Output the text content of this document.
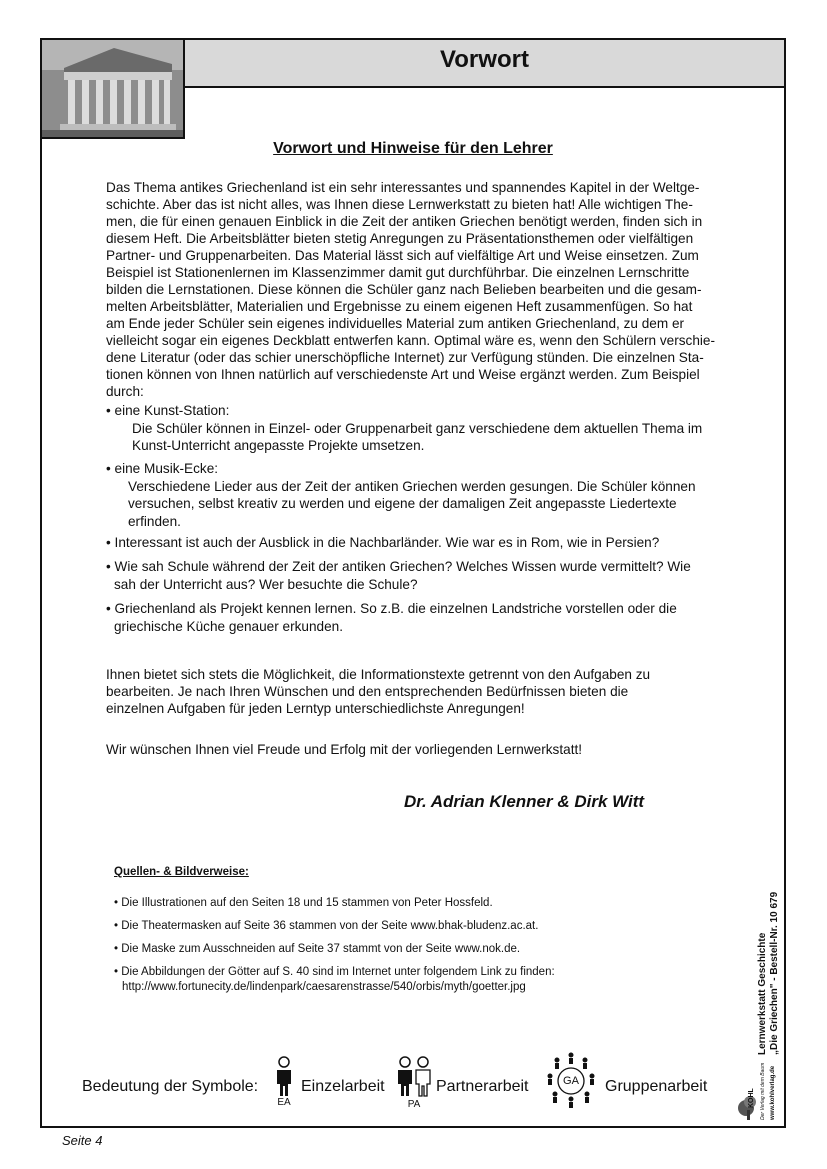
Vorwort
Vorwort und Hinweise für den Lehrer

Das Thema antikes Griechenland ist ein sehr interessantes und spannendes Kapitel in der Weltge-
schichte. Aber das ist nicht alles, was Ihnen diese Lernwerkstatt zu bieten hat! Alle wichtigen The-
men, die für einen genauen Einblick in die Zeit der antiken Griechen benötigt werden, finden sich in
diesem Heft. Die Arbeitsblätter bieten stetig Anregungen zu Präsentationsthemen oder vielfältigen
Partner- und Gruppenarbeiten. Das Material lässt sich auf vielfältige Art und Weise einsetzen. Zum
Beispiel ist Stationenlernen im Klassenzimmer damit gut durchführbar. Die einzelnen Lernschritte
bilden die Lernstationen. Diese können die Schüler ganz nach Belieben bearbeiten und die gesam-
melten Arbeitsblätter, Materialien und Ergebnisse zu einem eigenen Heft zusammenfügen. So hat
am Ende jeder Schüler sein eigenes individuelles Material zum antiken Griechenland, zu dem er
vielleicht sogar ein eigenes Deckblatt entwerfen kann. Optimal wäre es, wenn den Schülern verschie-
dene Literatur (oder das schier unerschöpfliche Internet) zur Verfügung stünden. Die einzelnen Sta-
tionen können von Ihnen natürlich auf verschiedenste Art und Weise ergänzt werden. Zum Beispiel
durch:

• eine Kunst-Station:
Die Schüler können in Einzel- oder Gruppenarbeit ganz verschiedene dem aktuellen Thema im
Kunst-Unterricht angepasste Projekte umsetzen.
• eine Musik-Ecke:
Verschiedene Lieder aus der Zeit der antiken Griechen werden gesungen. Die Schüler können
versuchen, selbst kreativ zu werden und eigene der damaligen Zeit angepasste Liedertexte
erfinden.
• Interessant ist auch der Ausblick in die Nachbarländer. Wie war es in Rom, wie in Persien?
• Wie sah Schule während der Zeit der antiken Griechen? Welches Wissen wurde vermittelt? Wie
sah der Unterricht aus? Wer besuchte die Schule?
• Griechenland als Projekt kennen lernen. So z.B. die einzelnen Landstriche vorstellen oder die
griechische Küche genauer erkunden.

Ihnen bietet sich stets die Möglichkeit, die Informationstexte getrennt von den Aufgaben zu
bearbeiten. Je nach Ihren Wünschen und den entsprechenden Bedürfnissen bieten die
einzelnen Aufgaben für jeden Lerntyp unterschiedlichste Anregungen!

Wir wünschen Ihnen viel Freude und Erfolg mit der vorliegenden Lernwerkstatt!

Dr. Adrian Klenner & Dirk Witt
Quellen- & Bildverweise:
• Die Illustrationen auf den Seiten 18 und 15 stammen von Peter Hossfeld.
• Die Theatermasken auf Seite 36 stammen von der Seite www.bhak-bludenz.ac.at.
• Die Maske zum Ausschneiden auf Seite 37 stammt von der Seite www.nok.de.
• Die Abbildungen der Götter auf S. 40 sind im Internet unter folgendem Link zu finden:
http://www.fortunecity.de/lindenpark/caesarenstrasse/540/orbis/myth/goetter.jpg
Bedeutung der Symbole:
EA
Einzelarbeit
PA
Partnerarbeit	GA Gruppenarbeit
Lernwerkstatt Geschichte „Die Griechen" - Bestell-Nr. 10 679
KOHL Der Verlag mit dem Baum www.kohlverlag.de
Seite 4
